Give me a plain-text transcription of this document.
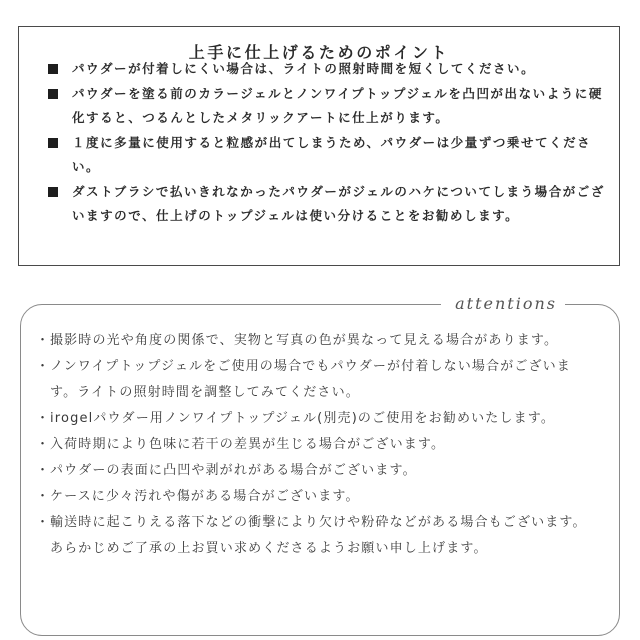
上手に仕上げるためのポイント
パウダーが付着しにくい場合は、ライトの照射時間を短くしてください。
パウダーを塗る前のカラージェルとノンワイプトップジェルを凸凹が出ないように硬化すると、つるんとしたメタリックアートに仕上がります。
１度に多量に使用すると粒感が出てしまうため、パウダーは少量ずつ乗せてください。
ダストブラシで払いきれなかったパウダーがジェルのハケについてしまう場合がございますので、仕上げのトップジェルは使い分けることをお勧めします。
attentions
・ 撮影時の光や角度の関係で、実物と写真の色が異なって見える場合があります。
・ ノンワイプトップジェルをご使用の場合でもパウダーが付着しない場合がございます。ライトの照射時間を調整してみてください。
・ irogelパウダー用ノンワイプトップジェル(別売)のご使用をお勧めいたします。
・ 入荷時期により色味に若干の差異が生じる場合がございます。
・ パウダーの表面に凸凹や剥がれがある場合がございます。
・ ケースに少々汚れや傷がある場合がございます。
・ 輸送時に起こりえる落下などの衝撃により欠けや粉砕などがある場合もございます。
あらかじめご了承の上お買い求めくださるようお願い申し上げます。
